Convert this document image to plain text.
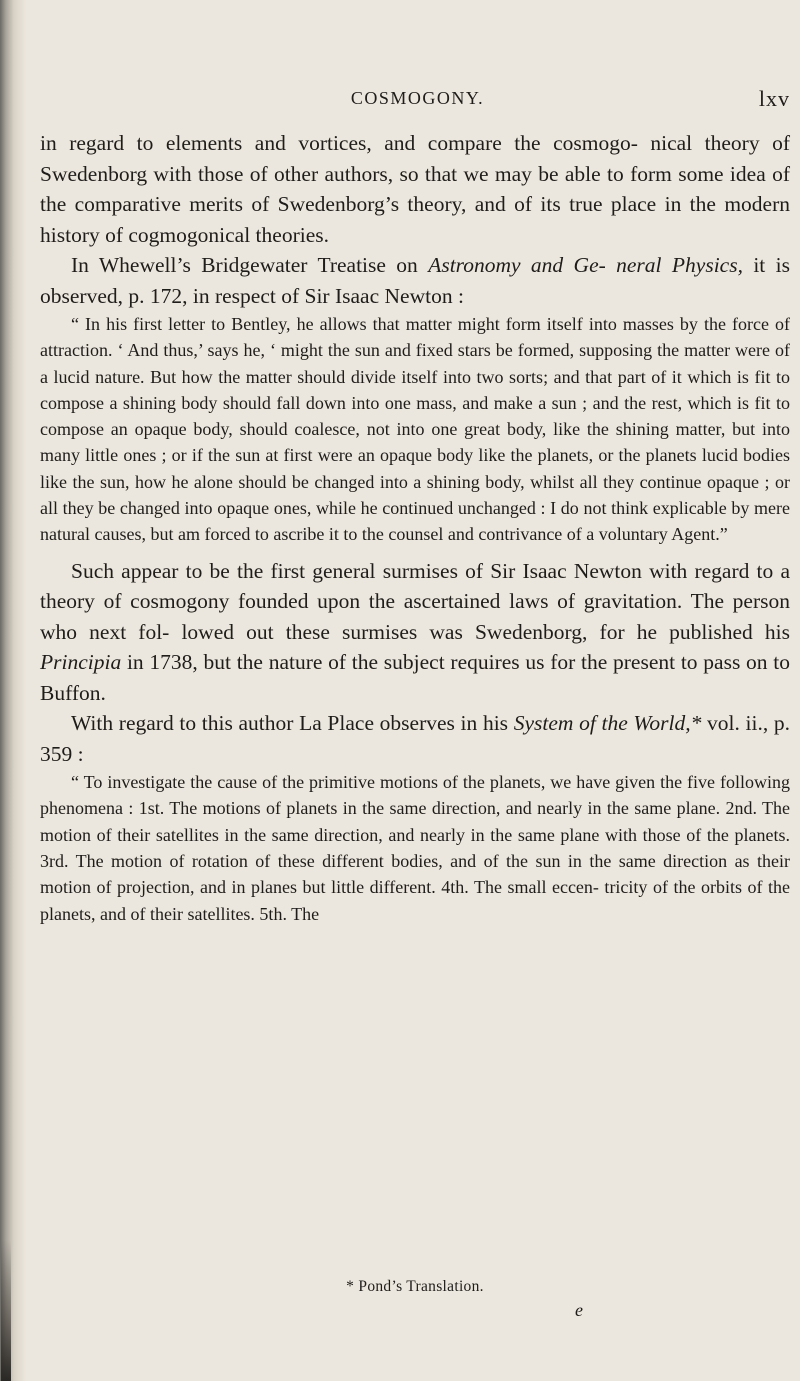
COSMOGONY.	lxv

in regard to elements and vortices, and compare the cosmogo- nical theory of Swedenborg with those of other authors, so that we may be able to form some idea of the comparative merits of Swedenborg’s theory, and of its true place in the modern history of cogmogonical theories.

In Whewell’s Bridgewater Treatise on Astronomy and Ge- neral Physics, it is observed, p. 172, in respect of Sir Isaac Newton :

“ In his first letter to Bentley, he allows that matter might form itself into masses by the force of attraction. ‘ And thus,’ says he, ‘ might the sun and fixed stars be formed, supposing the matter were of a lucid nature. But how the matter should divide itself into two sorts; and that part of it which is fit to compose a shining body should fall down into one mass, and make a sun ; and the rest, which is fit to compose an opaque body, should coalesce, not into one great body, like the shining matter, but into many little ones ; or if the sun at first were an opaque body like the planets, or the planets lucid bodies like the sun, how he alone should be changed into a shining body, whilst all they continue opaque ; or all they be changed into opaque ones, while he continued unchanged : I do not think explicable by mere natural causes, but am forced to ascribe it to the counsel and contrivance of a voluntary Agent.”

Such appear to be the first general surmises of Sir Isaac Newton with regard to a theory of cosmogony founded upon the ascertained laws of gravitation. The person who next fol- lowed out these surmises was Swedenborg, for he published his Principia in 1738, but the nature of the subject requires us for the present to pass on to Buffon.

With regard to this author La Place observes in his System of the World,* vol. ii., p. 359 :

“ To investigate the cause of the primitive motions of the planets, we have given the five following phenomena : 1st. The motions of planets in the same direction, and nearly in the same plane. 2nd. The motion of their satellites in the same direction, and nearly in the same plane with those of the planets. 3rd. The motion of rotation of these different bodies, and of the sun in the same direction as their motion of projection, and in planes but little different. 4th. The small eccen- tricity of the orbits of the planets, and of their satellites. 5th. The

* Pond’s Translation.
e
